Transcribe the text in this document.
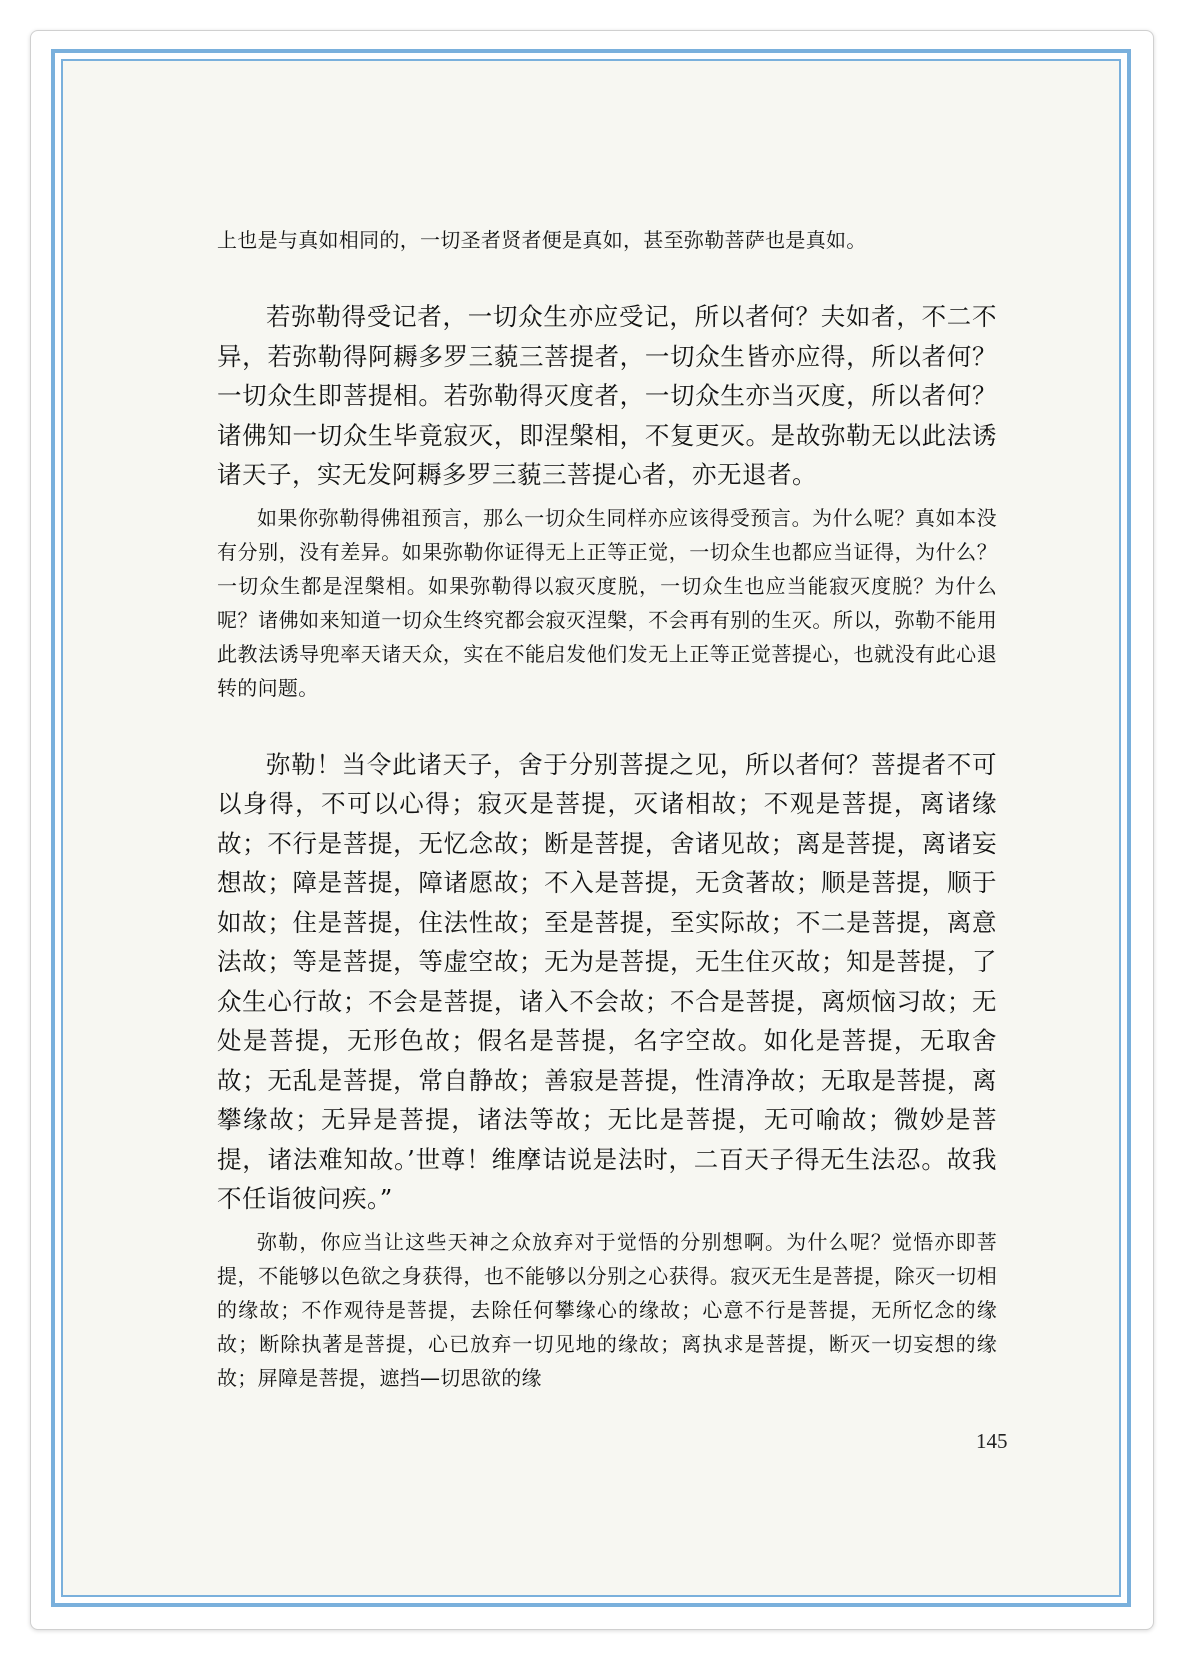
上也是与真如相同的，一切圣者贤者便是真如，甚至弥勒菩萨也是真如。

若弥勒得受记者，一切众生亦应受记，所以者何？夫如者，不二不异，若弥勒得阿耨多罗三藐三菩提者，一切众生皆亦应得，所以者何？一切众生即菩提相。若弥勒得灭度者，一切众生亦当灭度，所以者何？诸佛知一切众生毕竟寂灭，即涅槃相，不复更灭。是故弥勒无以此法诱诸天子，实无发阿耨多罗三藐三菩提心者，亦无退者。

如果你弥勒得佛祖预言，那么一切众生同样亦应该得受预言。为什么呢？真如本没有分别，没有差异。如果弥勒你证得无上正等正觉，一切众生也都应当证得，为什么？一切众生都是涅槃相。如果弥勒得以寂灭度脱，一切众生也应当能寂灭度脱？为什么呢？诸佛如来知道一切众生终究都会寂灭涅槃，不会再有别的生灭。所以，弥勒不能用此教法诱导兜率天诸天众，实在不能启发他们发无上正等正觉菩提心，也就没有此心退转的问题。

弥勒！当令此诸天子，舍于分别菩提之见，所以者何？菩提者不可以身得，不可以心得；寂灭是菩提，灭诸相故；不观是菩提，离诸缘故；不行是菩提，无忆念故；断是菩提，舍诸见故；离是菩提，离诸妄想故；障是菩提，障诸愿故；不入是菩提，无贪著故；顺是菩提，顺于如故；住是菩提，住法性故；至是菩提，至实际故；不二是菩提，离意法故；等是菩提，等虚空故；无为是菩提，无生住灭故；知是菩提，了众生心行故；不会是菩提，诸入不会故；不合是菩提，离烦恼习故；无处是菩提，无形色故；假名是菩提，名字空故。如化是菩提，无取舍故；无乱是菩提，常自静故；善寂是菩提，性清净故；无取是菩提，离攀缘故；无异是菩提，诸法等故；无比是菩提，无可喻故；微妙是菩提，诸法难知故。’世尊！维摩诘说是法时，二百天子得无生法忍。故我不任诣彼问疾。”

弥勒，你应当让这些天神之众放弃对于觉悟的分别想啊。为什么呢？觉悟亦即菩提，不能够以色欲之身获得，也不能够以分别之心获得。寂灭无生是菩提，除灭一切相的缘故；不作观待是菩提，去除任何攀缘心的缘故；心意不行是菩提，无所忆念的缘故；断除执著是菩提，心已放弃一切见地的缘故；离执求是菩提，断灭一切妄想的缘故；屏障是菩提，遮挡—切思欲的缘

145
